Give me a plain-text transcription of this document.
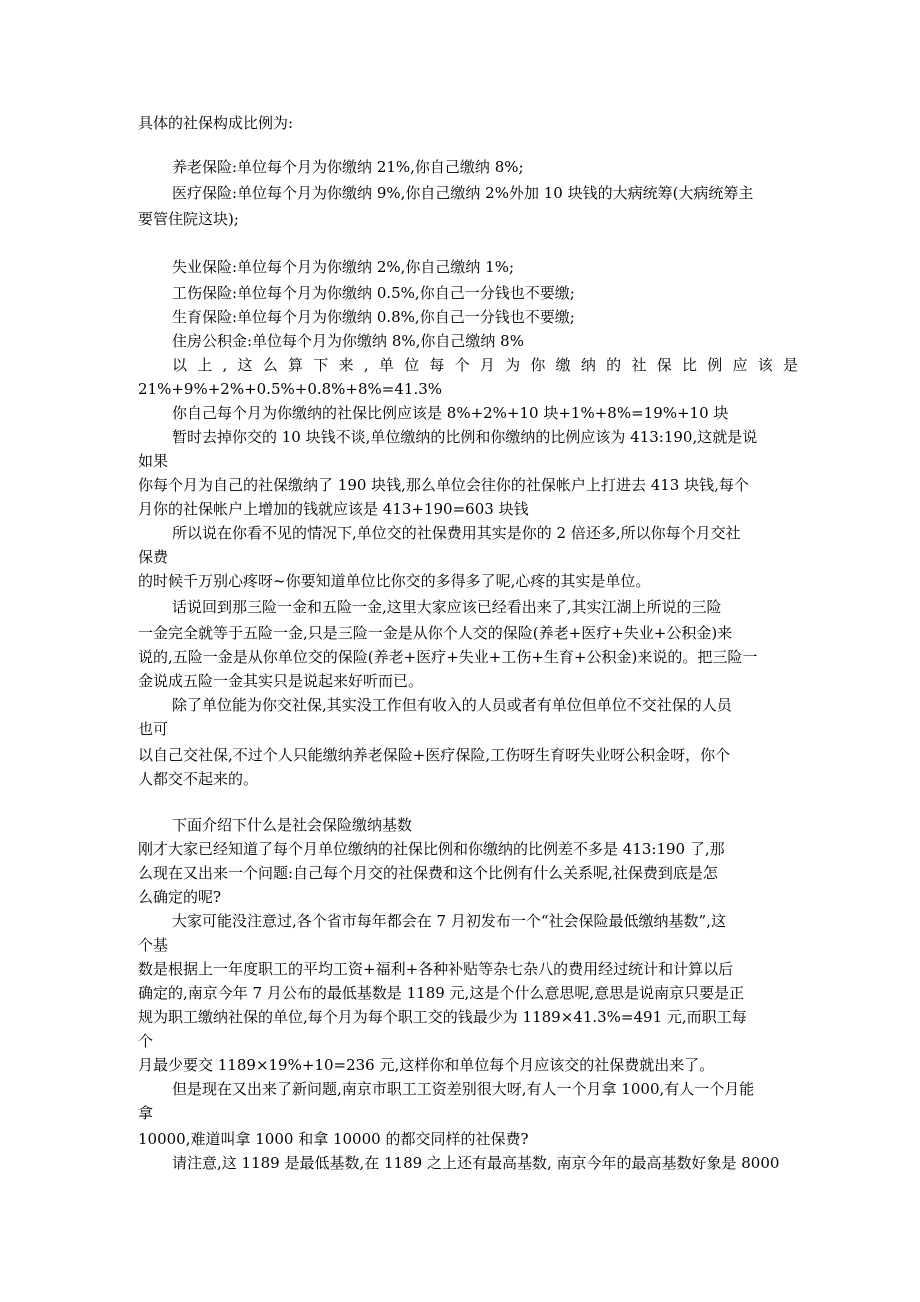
具体的社保构成比例为:
养老保险:单位每个月为你缴纳 21%,你自己缴纳 8%;
医疗保险:单位每个月为你缴纳 9%,你自己缴纳 2%外加 10 块钱的大病统筹(大病统筹主
要管住院这块);
失业保险:单位每个月为你缴纳 2%,你自己缴纳 1%;
工伤保险:单位每个月为你缴纳 0.5%,你自己一分钱也不要缴;
生育保险:单位每个月为你缴纳 0.8%,你自己一分钱也不要缴;
住房公积金:单位每个月为你缴纳 8%,你自己缴纳 8%
以上,这么算下来,单位每个月为你缴纳的社保比例应该是
21%+9%+2%+0.5%+0.8%+8%=41.3%
你自己每个月为你缴纳的社保比例应该是 8%+2%+10 块+1%+8%=19%+10 块
暂时去掉你交的 10 块钱不谈,单位缴纳的比例和你缴纳的比例应该为 413:190,这就是说
如果
你每个月为自己的社保缴纳了 190 块钱,那么单位会往你的社保帐户上打进去 413 块钱,每个
月你的社保帐户上增加的钱就应该是 413+190=603 块钱
所以说在你看不见的情况下,单位交的社保费用其实是你的 2 倍还多,所以你每个月交社
保费
的时候千万别心疼呀~你要知道单位比你交的多得多了呢,心疼的其实是单位。
话说回到那三险一金和五险一金,这里大家应该已经看出来了,其实江湖上所说的三险
一金完全就等于五险一金,只是三险一金是从你个人交的保险(养老+医疗+失业+公积金)来
说的,五险一金是从你单位交的保险(养老+医疗+失业+工伤+生育+公积金)来说的。把三险一
金说成五险一金其实只是说起来好听而已。
除了单位能为你交社保,其实没工作但有收入的人员或者有单位但单位不交社保的人员
也可
以自己交社保,不过个人只能缴纳养老保险+医疗保险,工伤呀生育呀失业呀公积金呀，你个
人都交不起来的。
下面介绍下什么是社会保险缴纳基数
刚才大家已经知道了每个月单位缴纳的社保比例和你缴纳的比例差不多是 413:190 了,那
么现在又出来一个问题:自己每个月交的社保费和这个比例有什么关系呢,社保费到底是怎
么确定的呢?
大家可能没注意过,各个省市每年都会在 7 月初发布一个“社会保险最低缴纳基数”,这
个基
数是根据上一年度职工的平均工资+福利+各种补贴等杂七杂八的费用经过统计和计算以后
确定的,南京今年 7 月公布的最低基数是 1189 元,这是个什么意思呢,意思是说南京只要是正
规为职工缴纳社保的单位,每个月为每个职工交的钱最少为 1189×41.3%=491 元,而职工每
个
月最少要交 1189×19%+10=236 元,这样你和单位每个月应该交的社保费就出来了。
但是现在又出来了新问题,南京市职工工资差别很大呀,有人一个月拿 1000,有人一个月能
拿
10000,难道叫拿 1000 和拿 10000 的都交同样的社保费?
请注意,这 1189 是最低基数,在 1189 之上还有最高基数, 南京今年的最高基数好象是 8000
